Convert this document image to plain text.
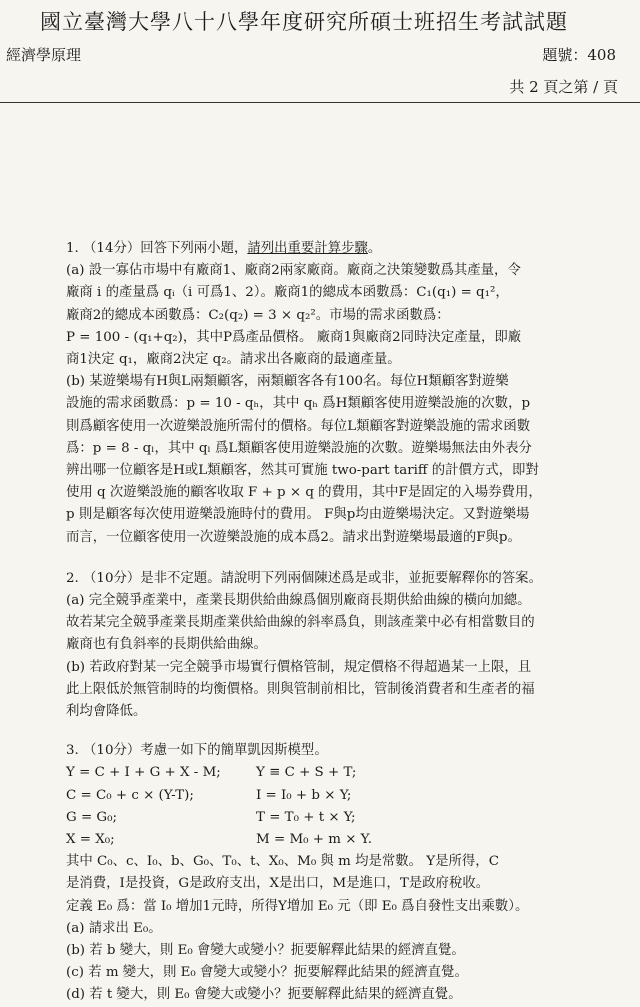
國立臺灣大學八十八學年度研究所碩士班招生考試試題
經濟學原理	題號：408
共 2 頁之第 / 頁
1. （14分）回答下列兩小題，請列出重要計算步驟。
(a) 設一寡佔市場中有廠商1、廠商2兩家廠商。廠商之決策變數爲其產量，令
廠商 i 的產量爲 qᵢ（i 可爲1、2）。廠商1的總成本函數爲：C₁(q₁) = q₁²，
廠商2的總成本函數爲：C₂(q₂) = 3 × q₂²。市場的需求函數爲：
P = 100 - (q₁+q₂)，其中P爲產品價格。 廠商1與廠商2同時決定產量，即廠
商1決定 q₁，廠商2決定 q₂。請求出各廠商的最適產量。
(b) 某遊樂場有H與L兩類顧客，兩類顧客各有100名。每位H類顧客對遊樂
設施的需求函數爲：p = 10 - qₕ，其中 qₕ 爲H類顧客使用遊樂設施的次數，p
則爲顧客使用一次遊樂設施所需付的價格。每位L類顧客對遊樂設施的需求函數
爲：p = 8 - qₗ，其中 qₗ 爲L類顧客使用遊樂設施的次數。遊樂場無法由外表分
辨出哪一位顧客是H或L類顧客，然其可實施 two-part tariff 的計價方式，即對
使用 q 次遊樂設施的顧客收取 F + p × q 的費用，其中F是固定的入場券費用，
p 則是顧客每次使用遊樂設施時付的費用。 F與p均由遊樂場決定。又對遊樂場
而言，一位顧客使用一次遊樂設施的成本爲2。請求出對遊樂場最適的F與p。
2. （10分）是非不定題。請說明下列兩個陳述爲是或非，並扼要解釋你的答案。
(a) 完全競爭產業中，產業長期供給曲線爲個別廠商長期供給曲線的橫向加總。
故若某完全競爭產業長期產業供給曲線的斜率爲負，則該產業中必有相當數目的
廠商也有負斜率的長期供給曲線。
(b) 若政府對某一完全競爭市場實行價格管制，規定價格不得超過某一上限，且
此上限低於無管制時的均衡價格。則與管制前相比，管制後消費者和生產者的福
利均會降低。
3. （10分）考慮一如下的簡單凱因斯模型。
Y = C + I + G + X - M;	Y ≡ C + S + T;
C = C₀ + c × (Y-T);	I = I₀ + b × Y;
G = G₀;	T = T₀ + t × Y;
X = X₀;	M = M₀ + m × Y.
其中 C₀、c、I₀、b、G₀、T₀、t、X₀、M₀ 與 m 均是常數。 Y是所得，C
是消費，I是投資，G是政府支出，X是出口，M是進口，T是政府稅收。
定義 E₀ 爲：當 I₀ 增加1元時，所得Y增加 E₀ 元（即 E₀ 爲自發性支出乘數）。
(a) 請求出 E₀。
(b) 若 b 變大，則 E₀ 會變大或變小？扼要解釋此結果的經濟直覺。
(c) 若 m 變大，則 E₀ 會變大或變小？扼要解釋此結果的經濟直覺。
(d) 若 t 變大，則 E₀ 會變大或變小？扼要解釋此結果的經濟直覺。
